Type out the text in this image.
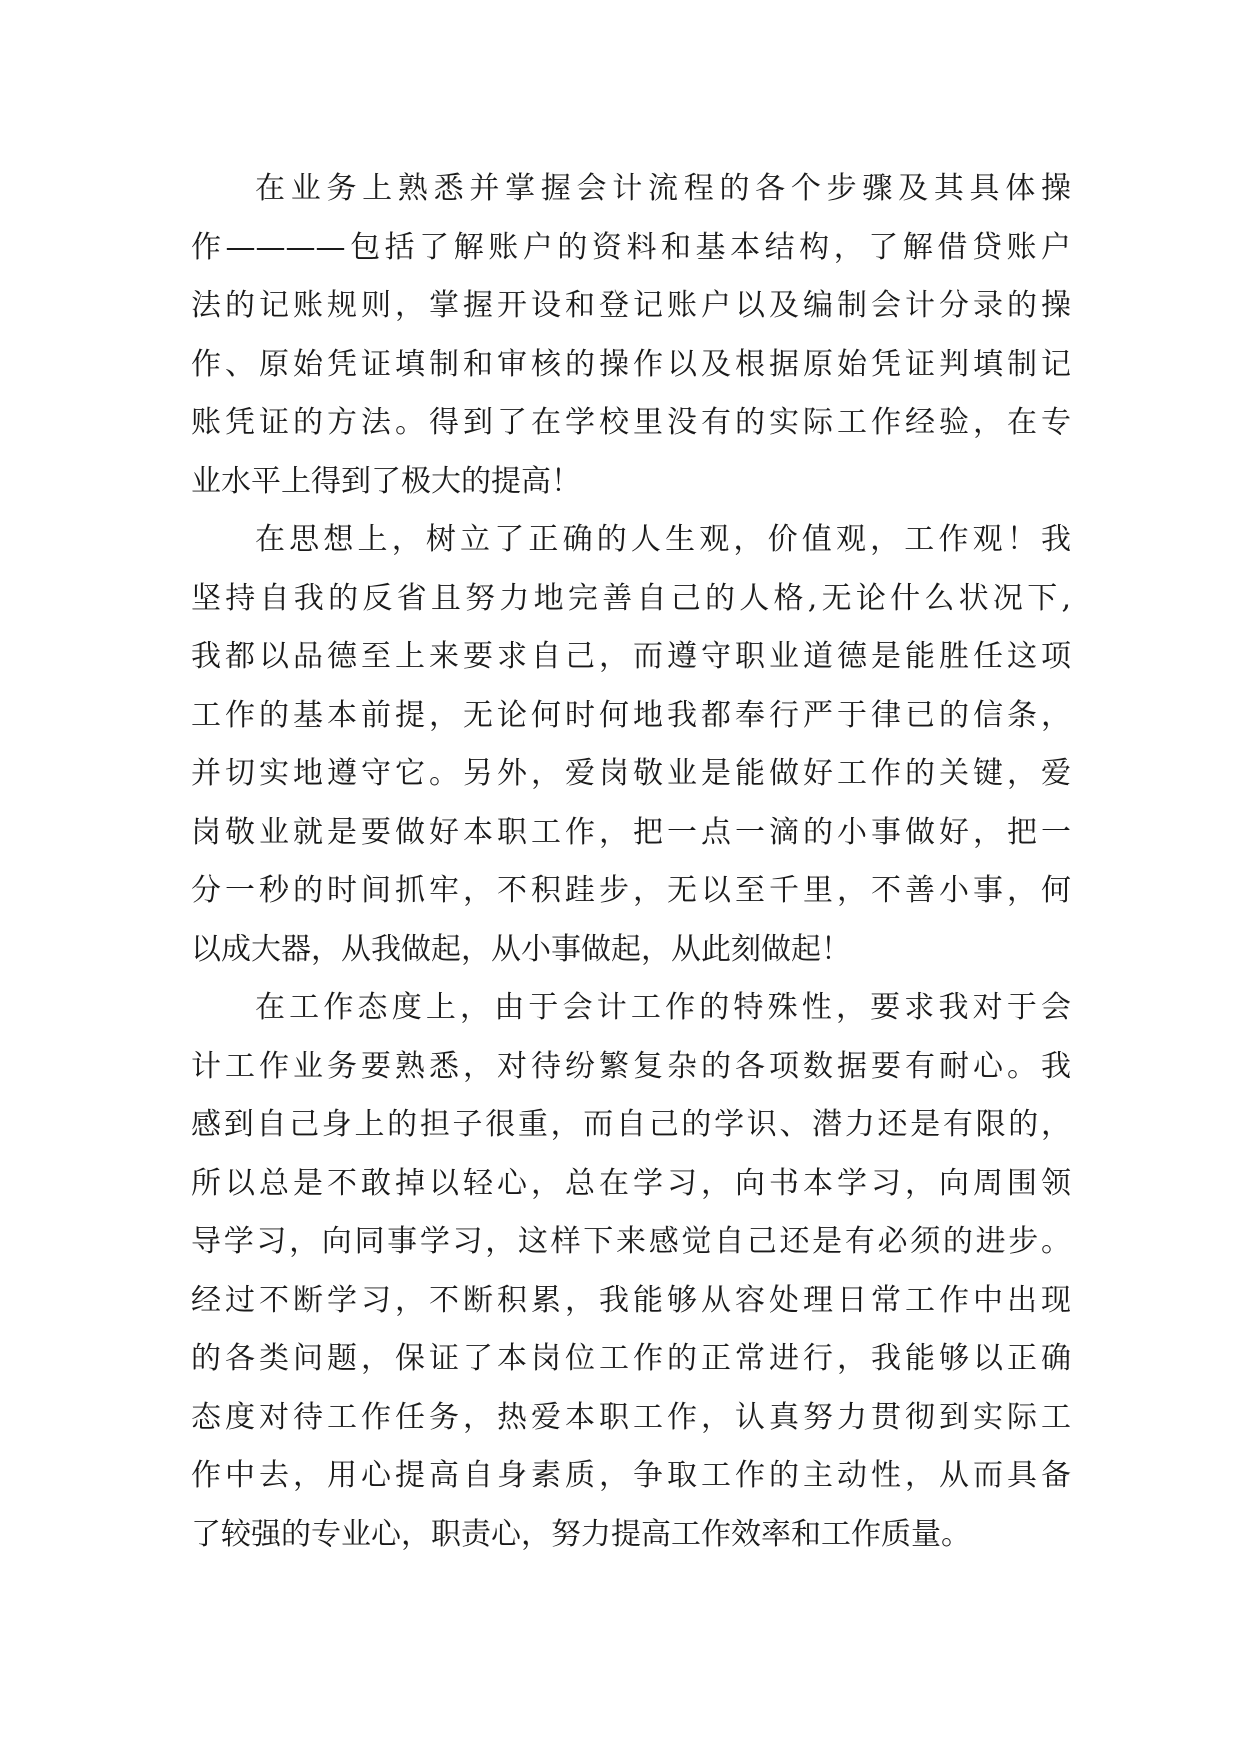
在业务上熟悉并掌握会计流程的各个步骤及其具体操
作————包括了解账户的资料和基本结构，了解借贷账户
法的记账规则，掌握开设和登记账户以及编制会计分录的操
作、原始凭证填制和审核的操作以及根据原始凭证判填制记
账凭证的方法。得到了在学校里没有的实际工作经验，在专
业水平上得到了极大的提高！

在思想上，树立了正确的人生观，价值观，工作观！我
坚持自我的反省且努力地完善自己的人格,无论什么状况下,
我都以品德至上来要求自己，而遵守职业道德是能胜任这项
工作的基本前提，无论何时何地我都奉行严于律已的信条，
并切实地遵守它。另外，爱岗敬业是能做好工作的关键，爱
岗敬业就是要做好本职工作，把一点一滴的小事做好，把一
分一秒的时间抓牢，不积跬步，无以至千里，不善小事，何
以成大器，从我做起，从小事做起，从此刻做起！

在工作态度上，由于会计工作的特殊性，要求我对于会
计工作业务要熟悉，对待纷繁复杂的各项数据要有耐心。我
感到自己身上的担子很重，而自己的学识、潜力还是有限的，
所以总是不敢掉以轻心，总在学习，向书本学习，向周围领
导学习，向同事学习，这样下来感觉自己还是有必须的进步。
经过不断学习，不断积累，我能够从容处理日常工作中出现
的各类问题，保证了本岗位工作的正常进行，我能够以正确
态度对待工作任务，热爱本职工作，认真努力贯彻到实际工
作中去，用心提高自身素质，争取工作的主动性，从而具备
了较强的专业心，职责心，努力提高工作效率和工作质量。
